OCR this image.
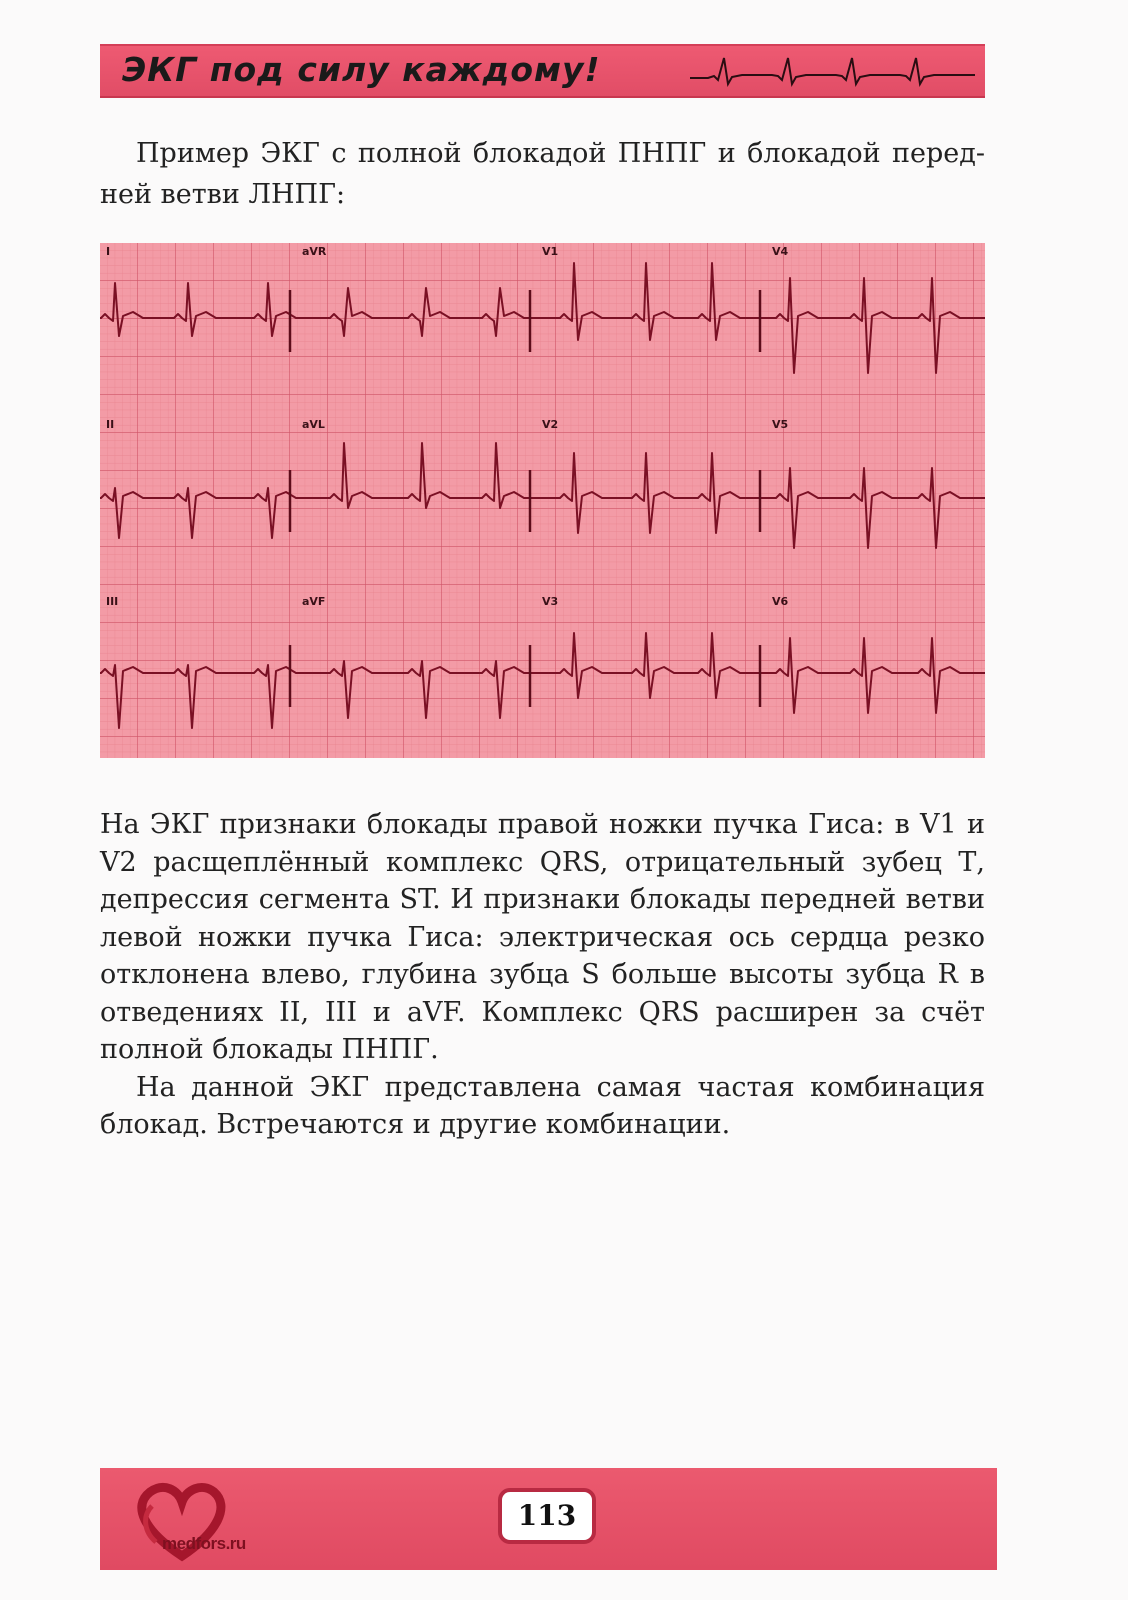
ЭКГ под силу каждому!

Пример ЭКГ с полной блокадой ПНПГ и блокадой передней ветви ЛНПГ:

I	aVR	V1	V4
II	aVL	V2	V5
III	aVF	V3	V6

На ЭКГ признаки блокады правой ножки пучка Гиса: в V1 и V2 расщеплённый комплекс QRS, отрицательный зубец Т, депрессия сегмента ST. И признаки блокады передней ветви левой ножки пучка Гиса: электрическая ось сердца резко отклонена влево, глубина зубца S больше высоты зубца R в отведениях II, III и aVF. Комплекс QRS расширен за счёт полной блокады ПНПГ.

На данной ЭКГ представлена самая частая комбинация блокад. Встречаются и другие комбинации.

medfors.ru
113
